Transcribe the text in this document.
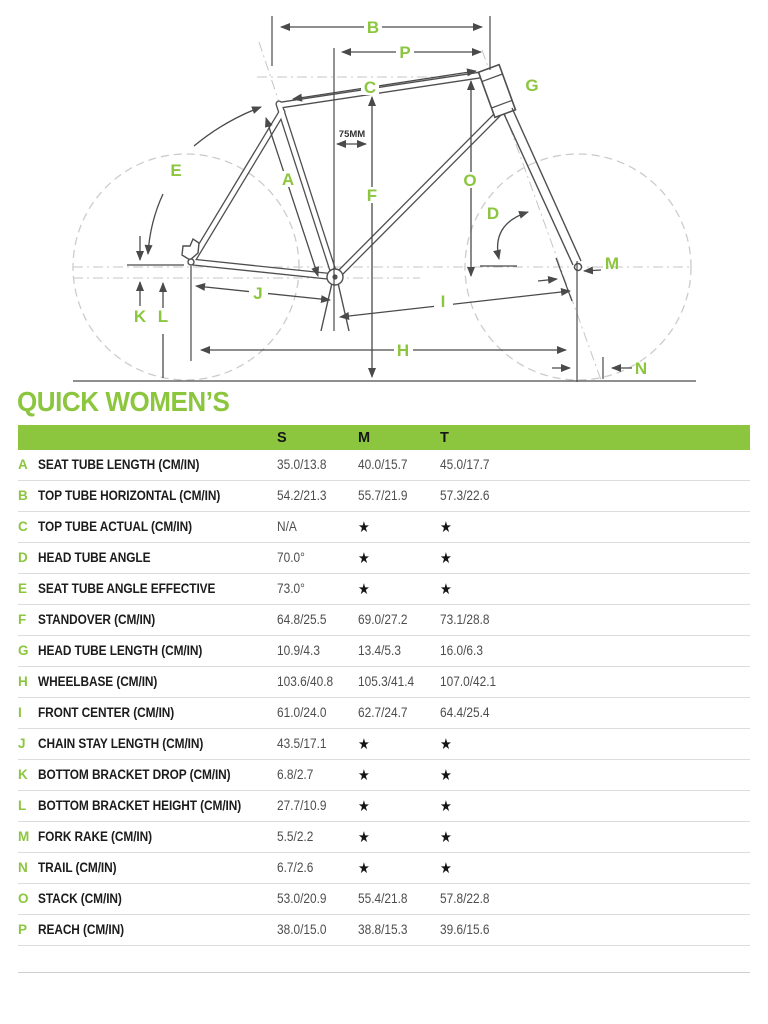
A
B
C
D
E
F
G
H
I
J
K L
M
N
O
P
75MM
QUICK WOMEN’S
		S	M	T	
A	SEAT TUBE LENGTH (CM/IN)	35.0/13.8	40.0/15.7	45.0/17.7	
B	TOP TUBE HORIZONTAL (CM/IN)	54.2/21.3	55.7/21.9	57.3/22.6	
C	TOP TUBE ACTUAL (CM/IN)	N/A	★	★	
D	HEAD TUBE ANGLE	70.0°	★	★	
E	SEAT TUBE ANGLE EFFECTIVE	73.0°	★	★	
F	STANDOVER (CM/IN)	64.8/25.5	69.0/27.2	73.1/28.8	
G	HEAD TUBE LENGTH (CM/IN)	10.9/4.3	13.4/5.3	16.0/6.3	
H	WHEELBASE (CM/IN)	103.6/40.8	105.3/41.4	107.0/42.1	
I	FRONT CENTER (CM/IN)	61.0/24.0	62.7/24.7	64.4/25.4	
J	CHAIN STAY LENGTH (CM/IN)	43.5/17.1	★	★	
K	BOTTOM BRACKET DROP (CM/IN)	6.8/2.7	★	★	
L	BOTTOM BRACKET HEIGHT (CM/IN)	27.7/10.9	★	★	
M	FORK RAKE (CM/IN)	5.5/2.2	★	★	
N	TRAIL (CM/IN)	6.7/2.6	★	★	
O	STACK (CM/IN)	53.0/20.9	55.4/21.8	57.8/22.8	
P	REACH (CM/IN)	38.0/15.0	38.8/15.3	39.6/15.6	
